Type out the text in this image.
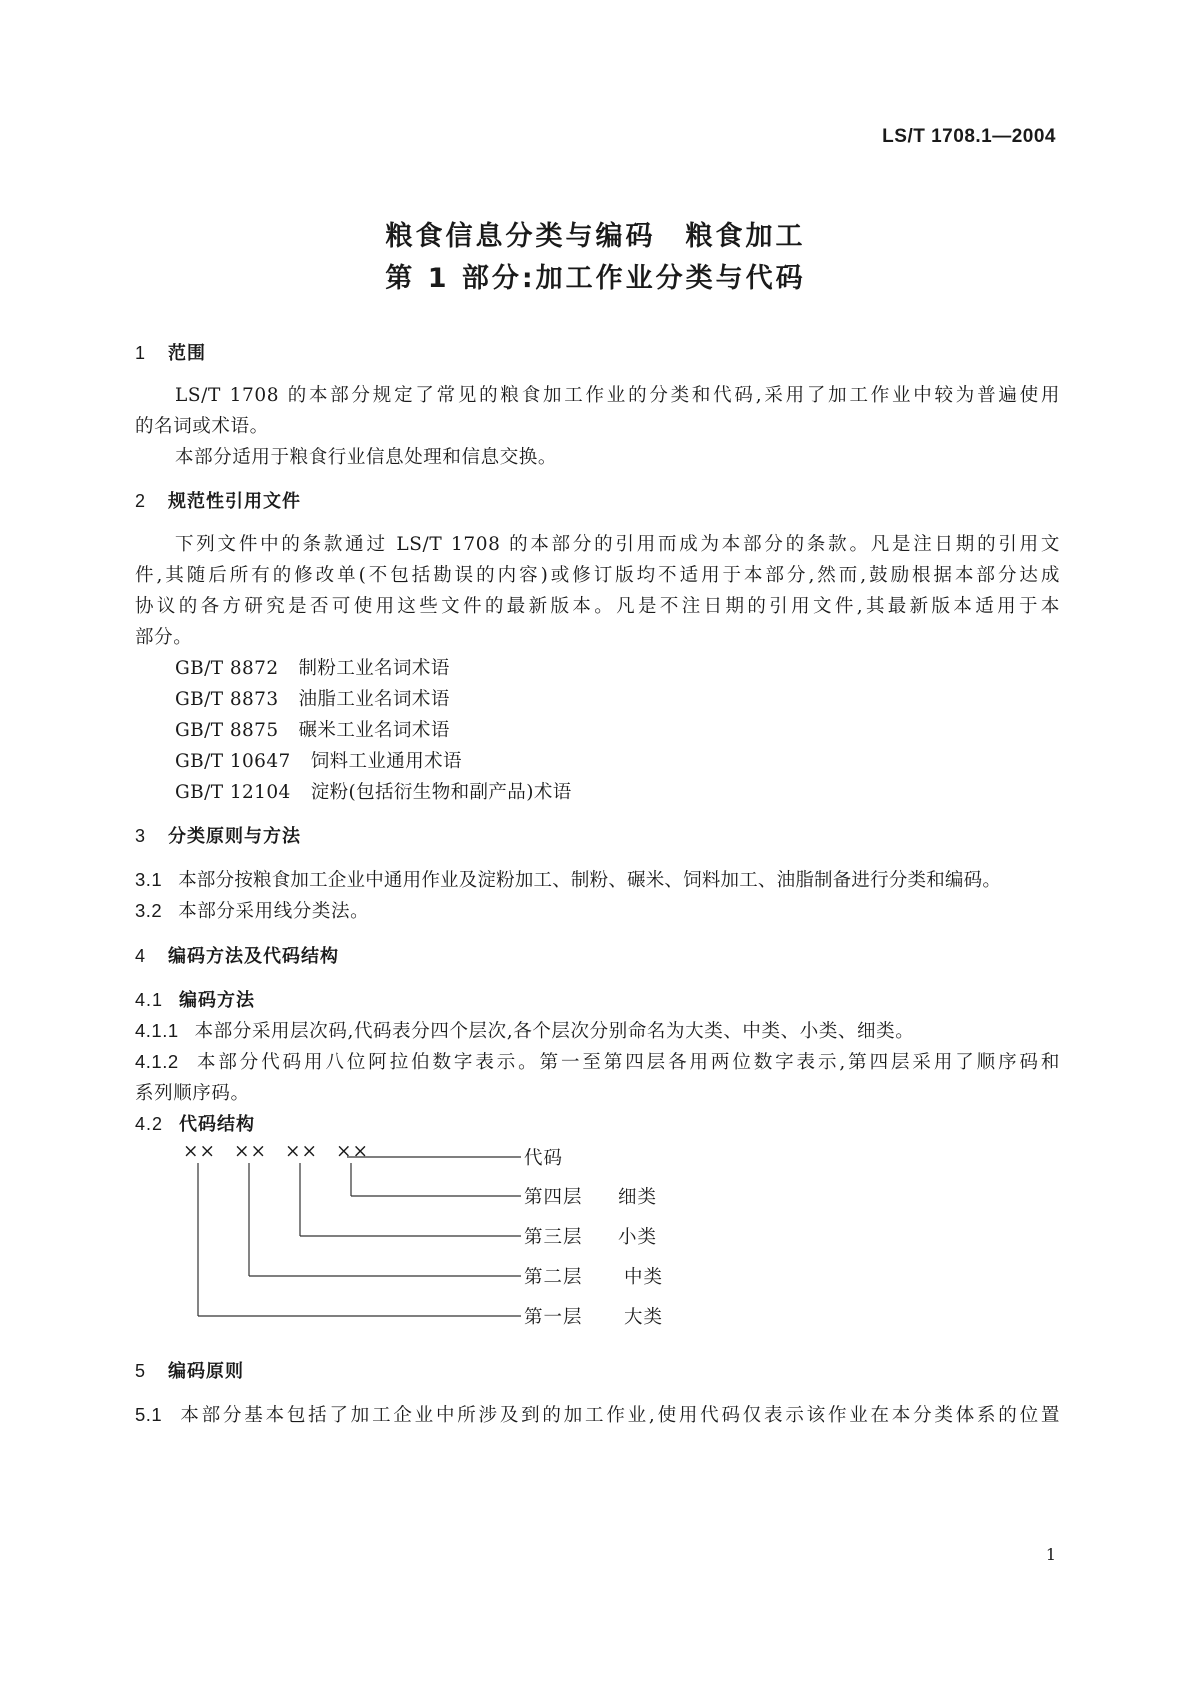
LS/T 1708.1—2004
粮食信息分类与编码　粮食加工
第 1 部分:加工作业分类与代码
1 范围
LS/T 1708 的本部分规定了常见的粮食加工作业的分类和代码,采用了加工作业中较为普遍使用
的名词或术语。
本部分适用于粮食行业信息处理和信息交换。
2 规范性引用文件
下列文件中的条款通过 LS/T 1708 的本部分的引用而成为本部分的条款。凡是注日期的引用文
件,其随后所有的修改单(不包括勘误的内容)或修订版均不适用于本部分,然而,鼓励根据本部分达成
协议的各方研究是否可使用这些文件的最新版本。凡是不注日期的引用文件,其最新版本适用于本
部分。
GB/T 8872 制粉工业名词术语
GB/T 8873 油脂工业名词术语
GB/T 8875 碾米工业名词术语
GB/T 10647 饲料工业通用术语
GB/T 12104 淀粉(包括衍生物和副产品)术语
3 分类原则与方法
3.1 本部分按粮食加工企业中通用作业及淀粉加工、制粉、碾米、饲料加工、油脂制备进行分类和编码。
3.2 本部分采用线分类法。
4 编码方法及代码结构
4.1 编码方法
4.1.1 本部分采用层次码,代码表分四个层次,各个层次分别命名为大类、中类、小类、细类。
4.1.2 本部分代码用八位阿拉伯数字表示。第一至第四层各用两位数字表示,第四层采用了顺序码和
系列顺序码。
4.2 代码结构
×× ×× ×× ××	代码
第四层 细类
第三层 小类
第二层 中类
第一层 大类
5 编码原则
5.1 本部分基本包括了加工企业中所涉及到的加工作业,使用代码仅表示该作业在本分类体系的位置
1
